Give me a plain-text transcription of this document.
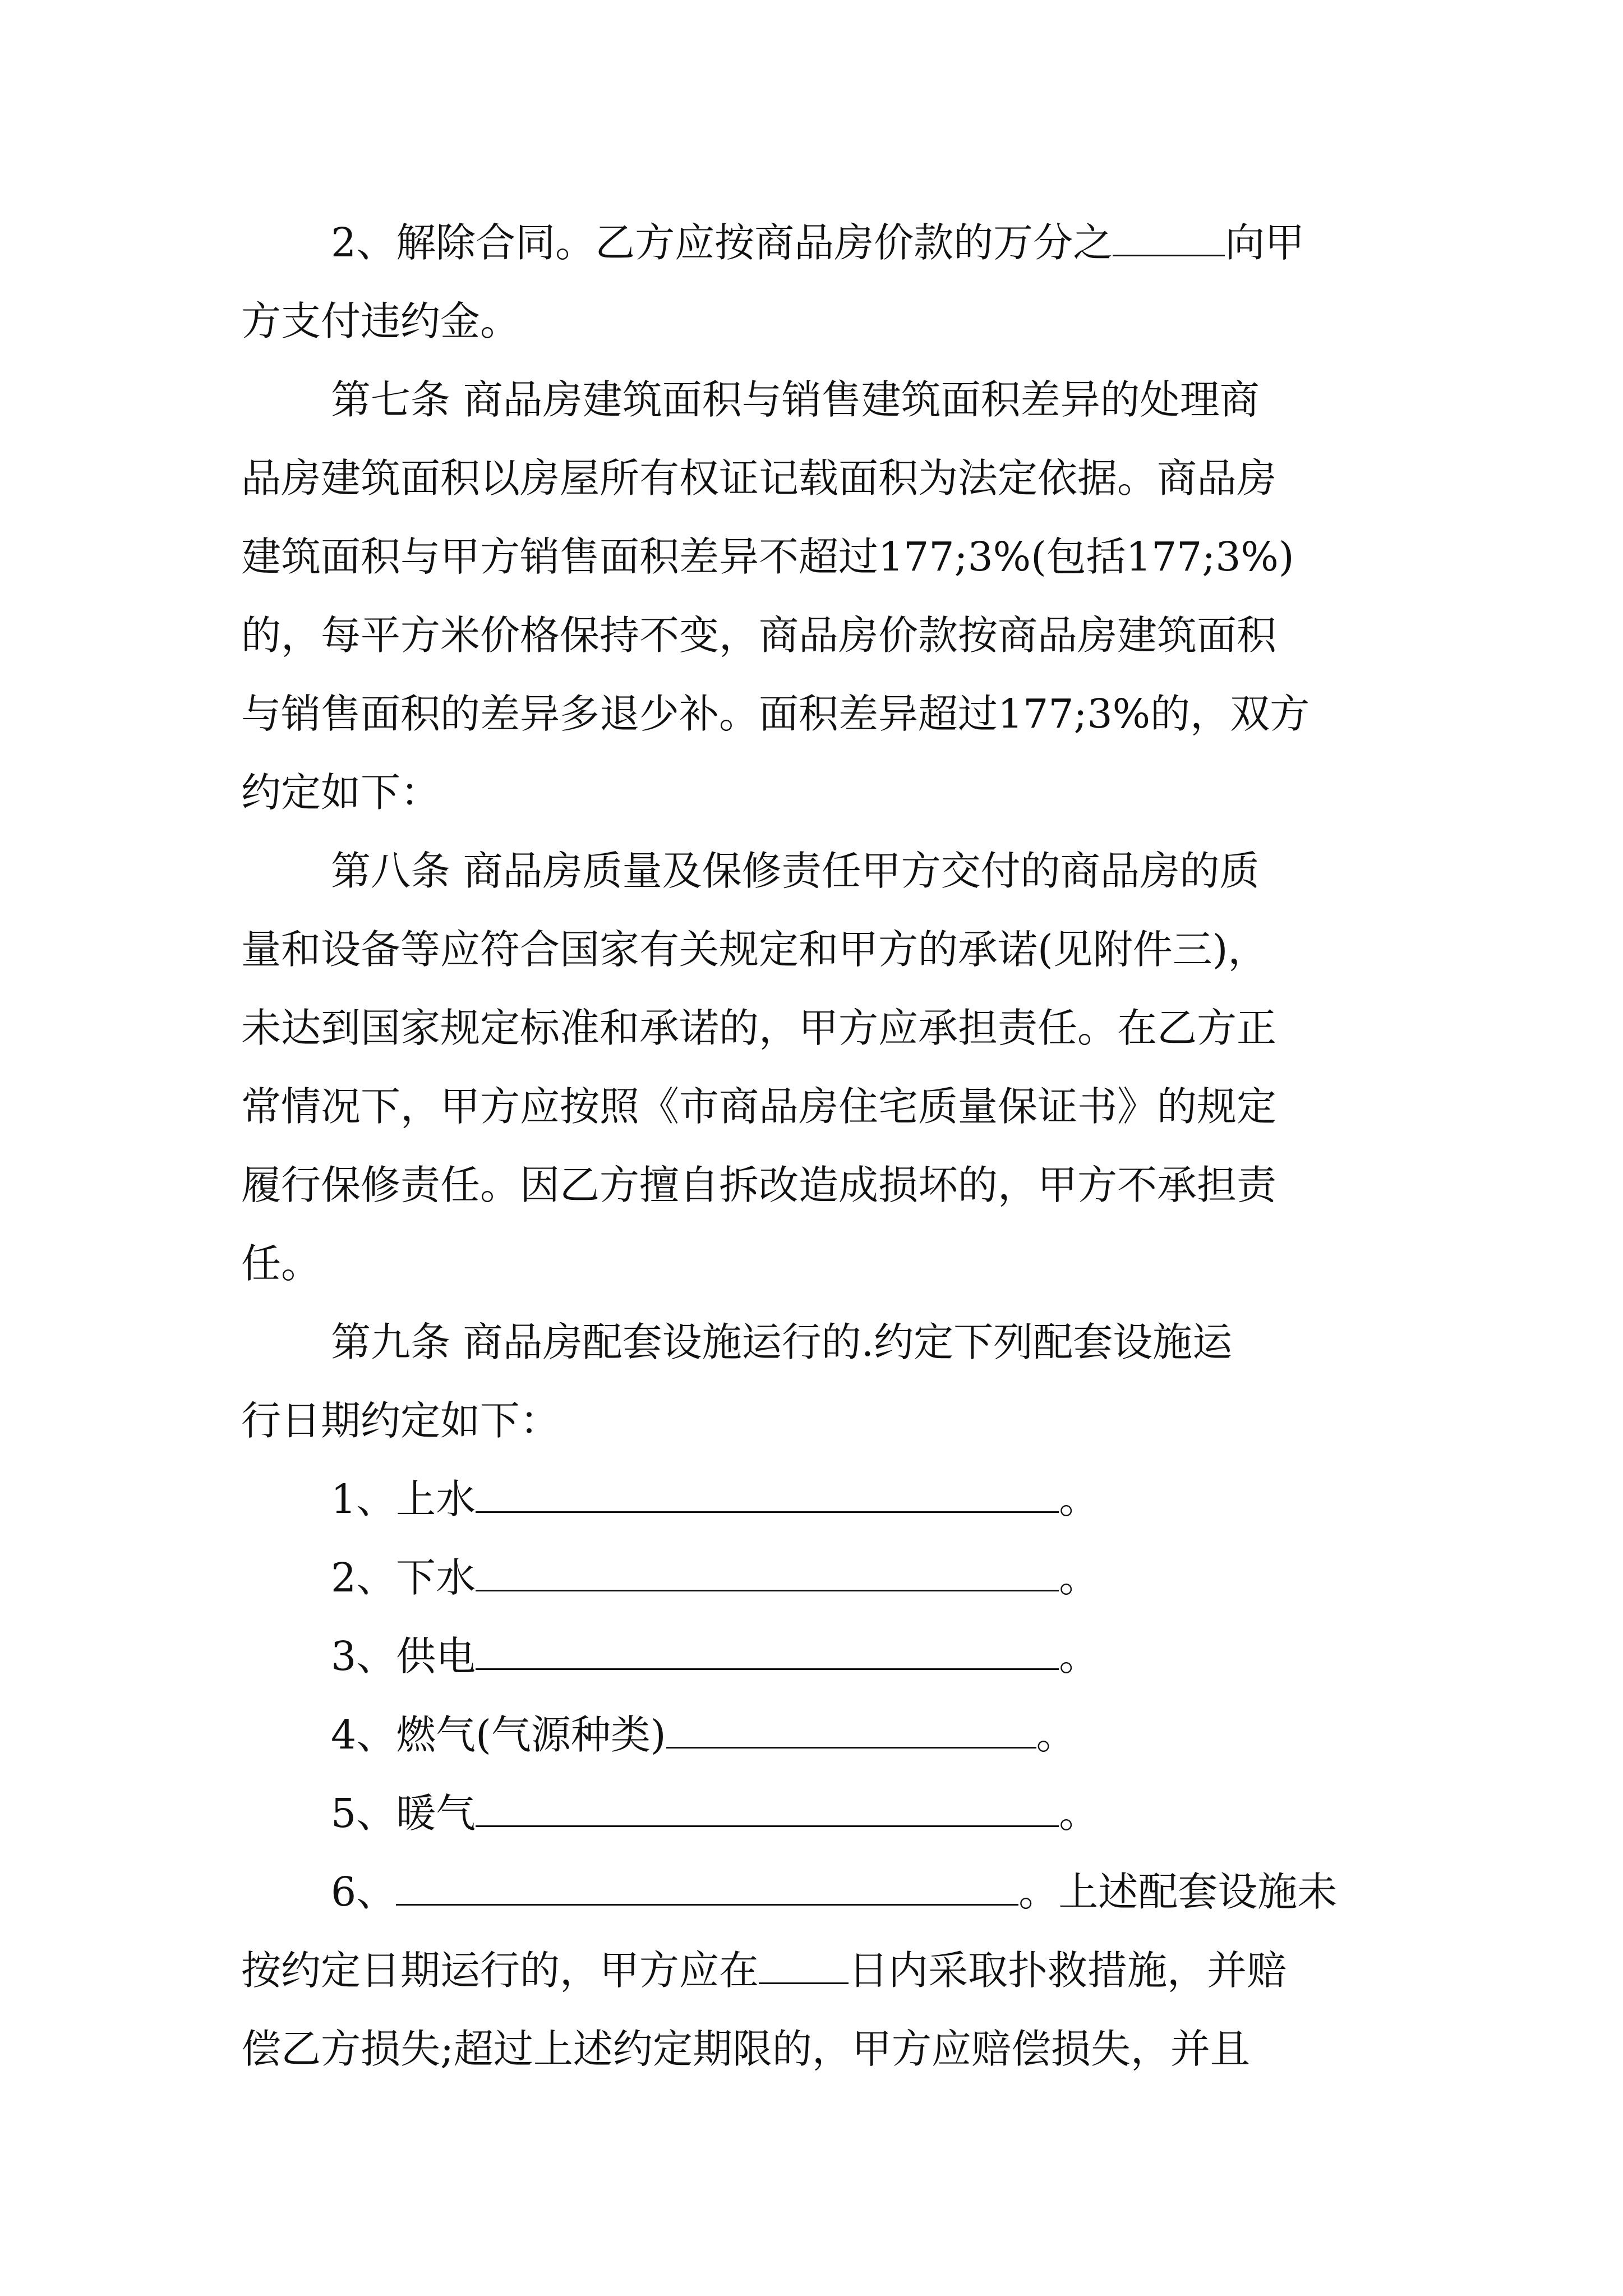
2、解除合同。乙方应按商品房价款的万分之	向甲
方支付违约金。
第七条 商品房建筑面积与销售建筑面积差异的处理商
品房建筑面积以房屋所有权证记载面积为法定依据。商品房
建筑面积与甲方销售面积差异不超过177;3%(包括177;3%)
的，每平方米价格保持不变，商品房价款按商品房建筑面积
与销售面积的差异多退少补。面积差异超过177;3%的，双方
约定如下：
第八条 商品房质量及保修责任甲方交付的商品房的质
量和设备等应符合国家有关规定和甲方的承诺(见附件三)，
未达到国家规定标准和承诺的，甲方应承担责任。在乙方正
常情况下，甲方应按照《市商品房住宅质量保证书》的规定
履行保修责任。因乙方擅自拆改造成损坏的，甲方不承担责
任。
第九条 商品房配套设施运行的.约定下列配套设施运
行日期约定如下：
1、上水	。
2、下水	。
3、供电	。
4、燃气(气源种类)	。
5、暖气	。
6、	。上述配套设施未
按约定日期运行的，甲方应在 日内采取扑救措施，并赔
偿乙方损失;超过上述约定期限的，甲方应赔偿损失，并且
